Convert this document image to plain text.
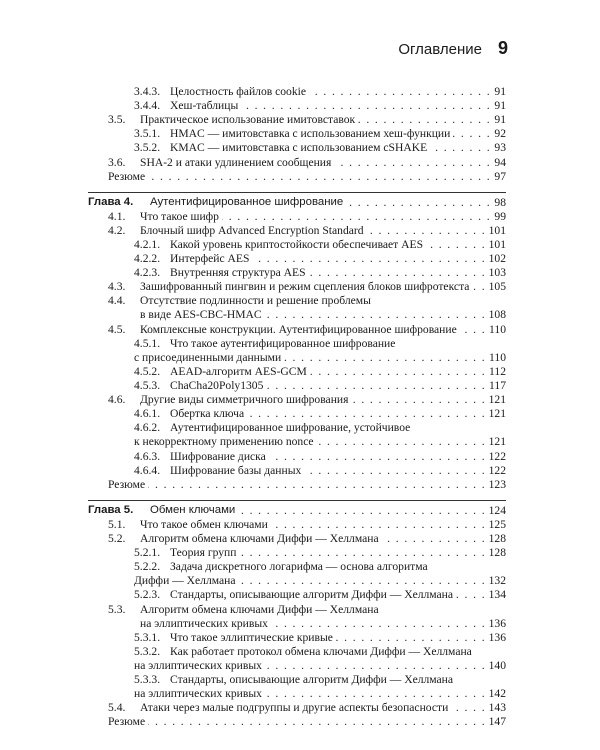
Оглавление 9
3.4.3. Целостность файлов cookie	91
. . .
3.4.4. Хеш-таблицы	91
. . .
3.5. Практическое использование имитовставок	91
. . .
3.5.1. HMAC — имитовставка с использованием хеш-функции	92
. . .
3.5.2. KMAC — имитовставка с использованием cSHAKE	93
. . .
3.6. SHA-2 и атаки удлинением сообщения	94
. . .
Резюме	97
. . .
Глава 4. Аутентифицированное шифрование	98
. . .
4.1. Что такое шифр	99
. . .
4.2. Блочный шифр Advanced Encryption Standard	101
. . .
4.2.1. Какой уровень криптостойкости обеспечивает AES	101
. . .
4.2.2. Интерфейс AES	102
. . .
4.2.3. Внутренняя структура AES	103
. . .
4.3. Зашифрованный пингвин и режим сцепления блоков шифротекста 105
. . .
4.4. Отсутствие подлинности и решение проблемы
в виде AES-CBC-HMAC	108
. . .
4.5. Комплексные конструкции. Аутентифицированное шифрование	110
. . .
4.5.1. Что такое аутентифицированное шифрование
с присоединенными данными	110
. . .
4.5.2. AEAD-алгоритм AES-GCM	112
. . .
4.5.3. ChaCha20Poly1305	117
. . .
4.6. Другие виды симметричного шифрования	121
. . .
4.6.1. Обертка ключа	121
. . .
4.6.2. Аутентифицированное шифрование, устойчивое
к некорректному применению nonce	121
. . .
4.6.3. Шифрование диска	122
. . .
4.6.4. Шифрование базы данных	122
. . .
Резюме	123
. . .
Глава 5. Обмен ключами	124
. . .
5.1. Что такое обмен ключами	125
. . .
5.2. Алгоритм обмена ключами Диффи — Хеллмана	128
. . .
5.2.1. Теория групп	128
. . .
5.2.2. Задача дискретного логарифма — основа алгоритма
Диффи — Хеллмана	132
. . .
5.2.3. Стандарты, описывающие алгоритм Диффи — Хеллмана	134
. . .
5.3. Алгоритм обмена ключами Диффи — Хеллмана
на эллиптических кривых	136
. . .
5.3.1. Что такое эллиптические кривые	136
. . .
5.3.2. Как работает протокол обмена ключами Диффи — Хеллмана
на эллиптических кривых	140
. . .
5.3.3. Стандарты, описывающие алгоритм Диффи — Хеллмана
на эллиптических кривых	142
. . .
5.4. Атаки через малые подгруппы и другие аспекты безопасности	143
. . .
Резюме	147
. . .
